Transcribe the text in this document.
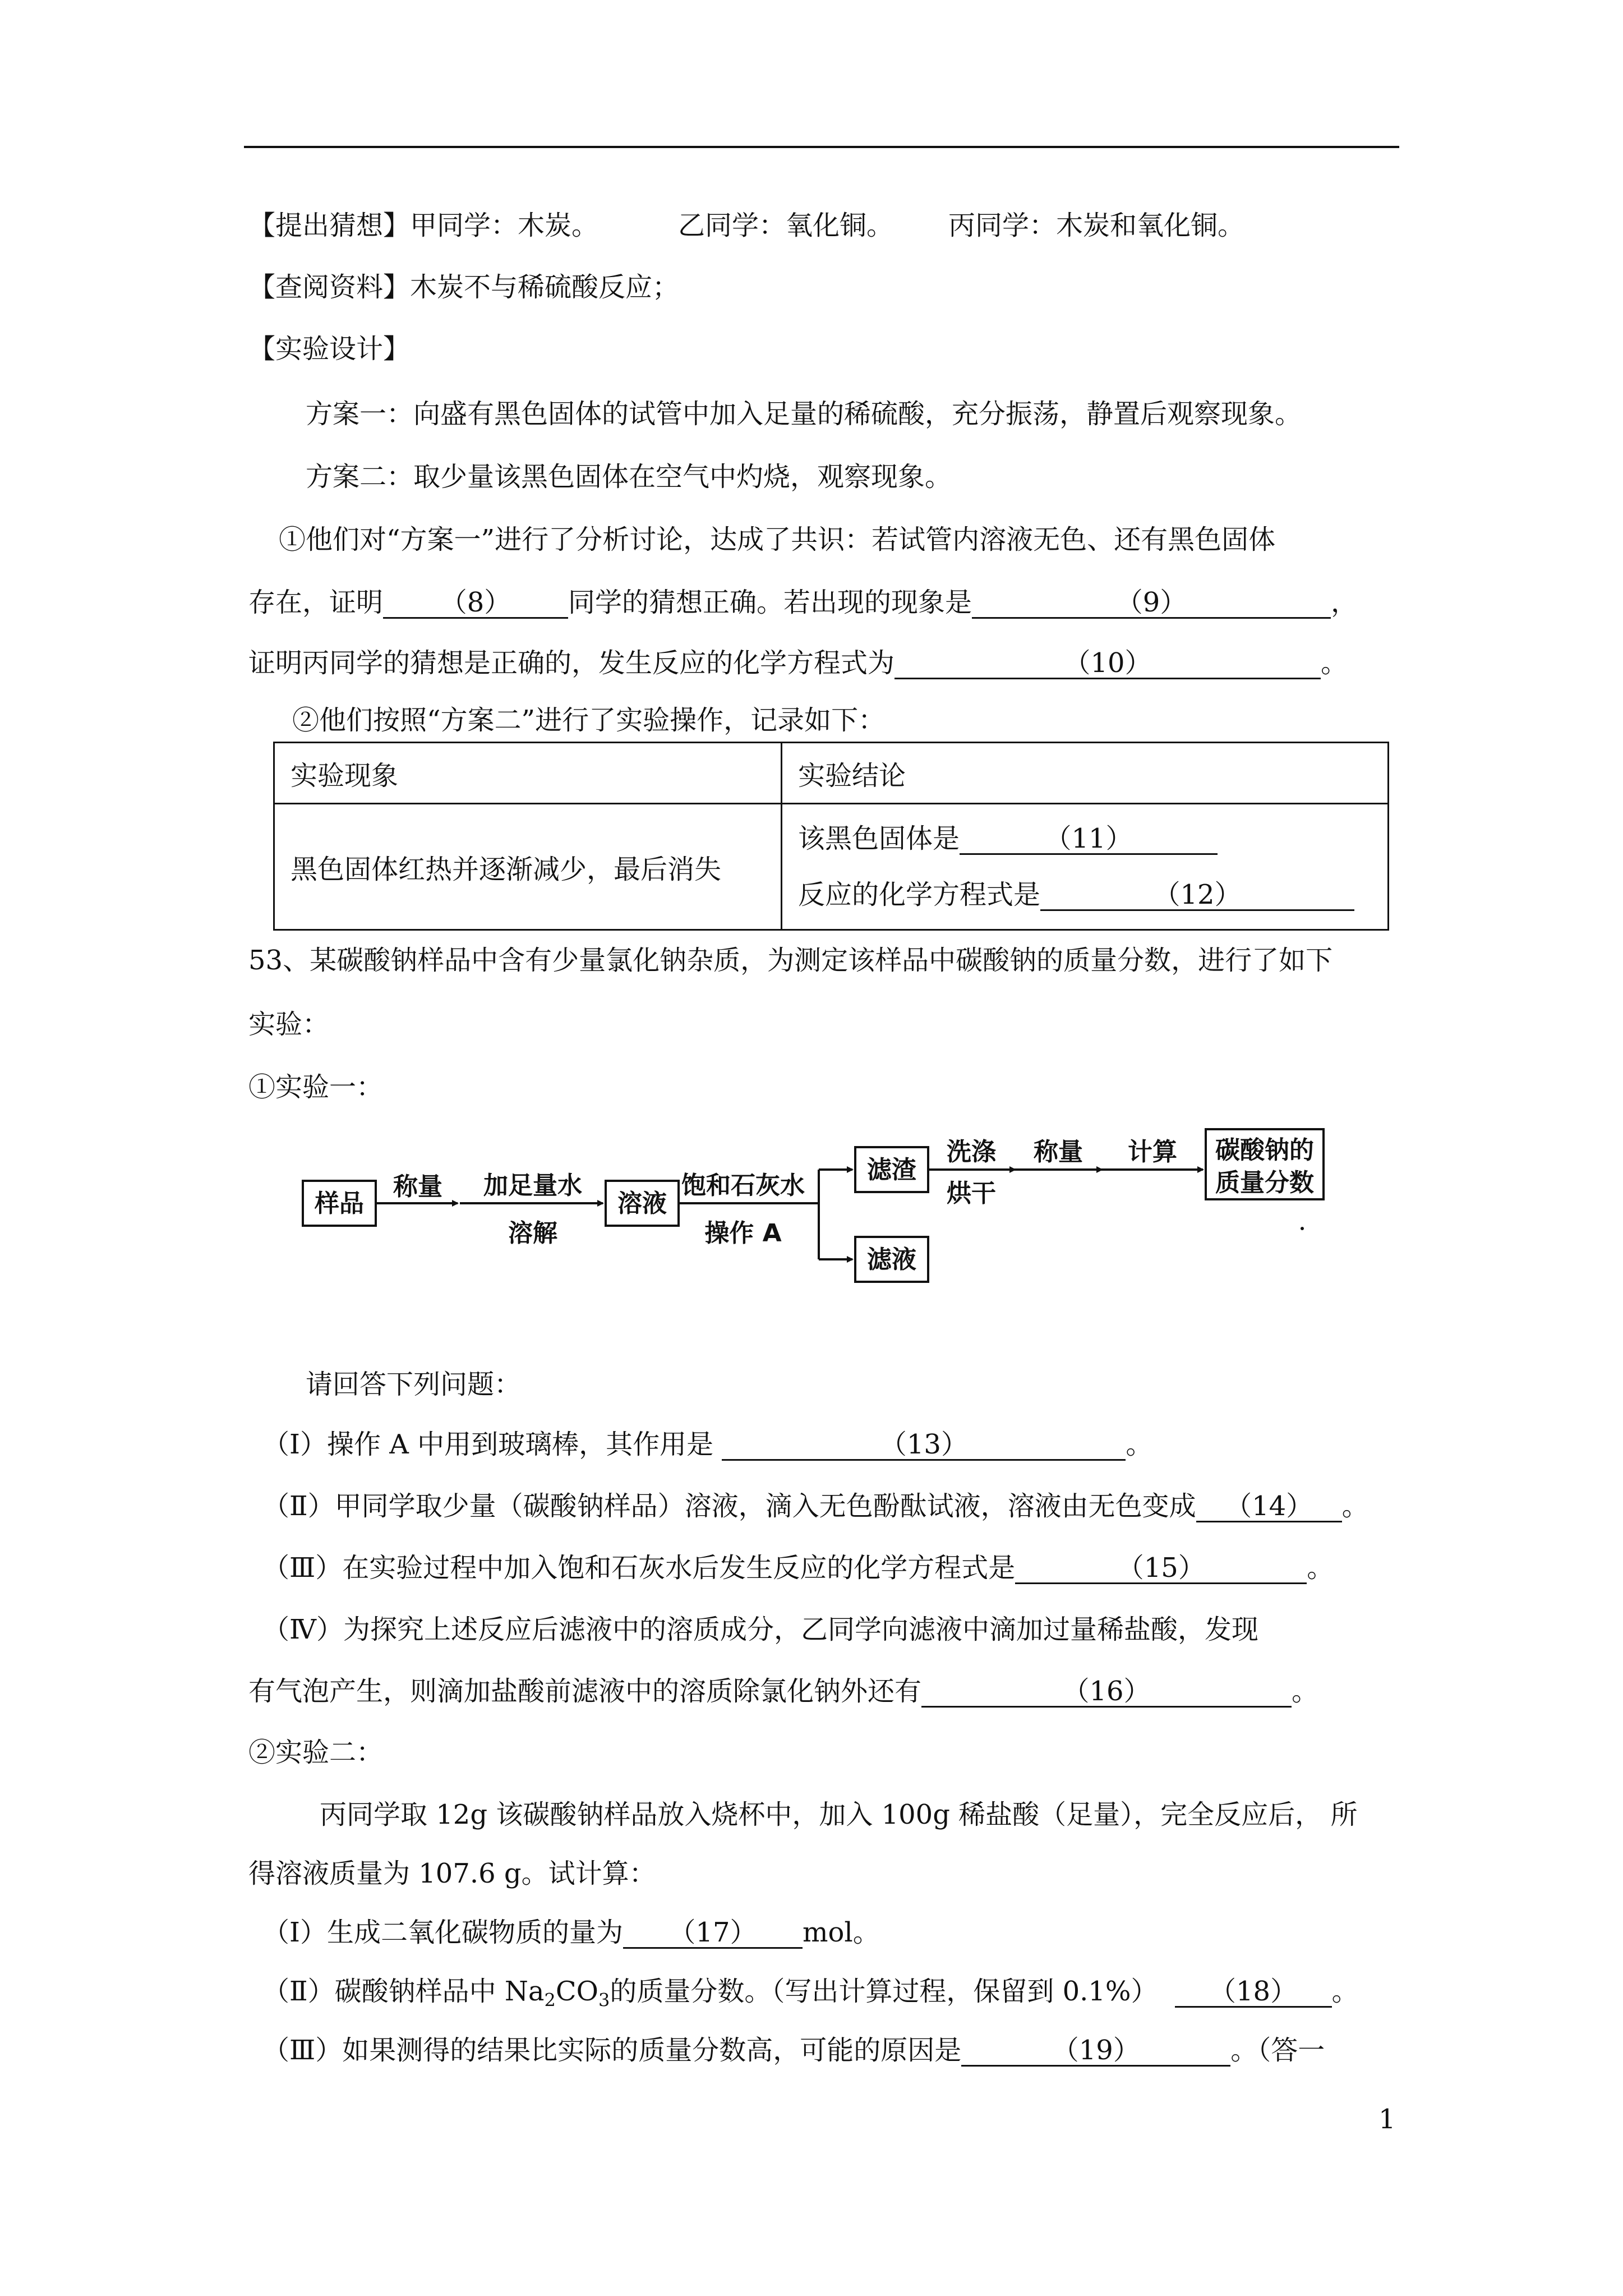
【提出猜想】甲同学：木炭。	乙同学：氧化铜。 丙同学：木炭和氧化铜。
【查阅资料】木炭不与稀硫酸反应；
【实验设计】
方案一：向盛有黑色固体的试管中加入足量的稀硫酸，充分振荡，静置后观察现象。
方案二：取少量该黑色固体在空气中灼烧，观察现象。
①他们对“方案一”进行了分析讨论，达成了共识：若试管内溶液无色、还有黑色固体
存在，证明 （8） 同学的猜想正确。若出现的现象是	（9）	，
证明丙同学的猜想是正确的，发生反应的化学方程式为	（10）	。
②他们按照“方案二”进行了实验操作，记录如下：
实验现象	实验结论
黑色固体红热并逐渐减少，最后消失	该黑色固体是 （11）
反应的化学方程式是 （12）
53、某碳酸钠样品中含有少量氯化钠杂质，为测定该样品中碳酸钠的质量分数，进行了如下
实验：
①实验一：
样品
称量 加足量水
溶解
溶液
饱和石灰水
操作 A
滤渣
滤液
洗涤
烘干
称量 计算 碳酸钠的
质量分数
请回答下列问题：
（Ⅰ）操作 A 中用到玻璃棒，其作用是	（13）	。
（Ⅱ）甲同学取少量（碳酸钠样品）溶液，滴入无色酚酞试液，溶液由无色变成 （14） 。
（Ⅲ）在实验过程中加入饱和石灰水后发生反应的化学方程式是	（15）	。
（Ⅳ）为探究上述反应后滤液中的溶质成分，乙同学向滤液中滴加过量稀盐酸，发现
有气泡产生，则滴加盐酸前滤液中的溶质除氯化钠外还有	（16）	。
②实验二：
丙同学取 12g 该碳酸钠样品放入烧杯中，加入 100g 稀盐酸（足量），完全反应后， 所
得溶液质量为 107.6 g。试计算：
（Ⅰ）生成二氧化碳物质的量为 （17） mol。
（Ⅱ）碳酸钠样品中 $Na_2CO_3$的质量分数。（写出计算过程，保留到 0.1%） （18） 。
（Ⅲ）如果测得的结果比实际的质量分数高，可能的原因是	（19）	。（答一
1
